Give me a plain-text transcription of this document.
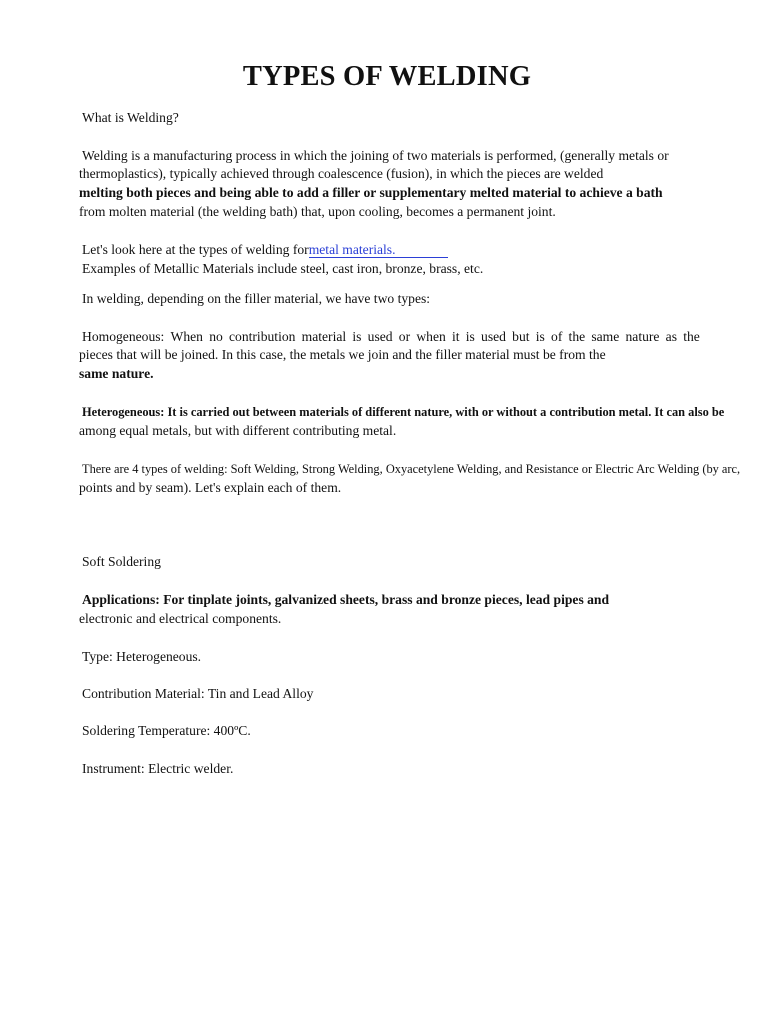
TYPES OF WELDING

What is Welding?

Welding is a manufacturing process in which the joining of two materials is performed, (generally metals or

thermoplastics), typically achieved through coalescence (fusion), in which the pieces are welded

melting both pieces and being able to add a filler or supplementary melted material to achieve a bath

from molten material (the welding bath) that, upon cooling, becomes a permanent joint.

Let's look here at the types of welding formetal materials.

Examples of Metallic Materials include steel, cast iron, bronze, brass, etc.

In welding, depending on the filler material, we have two types:

Homogeneous: When no contribution material is used or when it is used but is of the same nature as the

pieces that will be joined. In this case, the metals we join and the filler material must be from the

same nature.

Heterogeneous: It is carried out between materials of different nature, with or without a contribution metal. It can also be

among equal metals, but with different contributing metal.

There are 4 types of welding: Soft Welding, Strong Welding, Oxyacetylene Welding, and Resistance or Electric Arc Welding (by arc,

points and by seam). Let's explain each of them.

Soft Soldering

Applications: For tinplate joints, galvanized sheets, brass and bronze pieces, lead pipes and

electronic and electrical components.

Type: Heterogeneous.

Contribution Material: Tin and Lead Alloy

Soldering Temperature: 400ºC.

Instrument: Electric welder.
